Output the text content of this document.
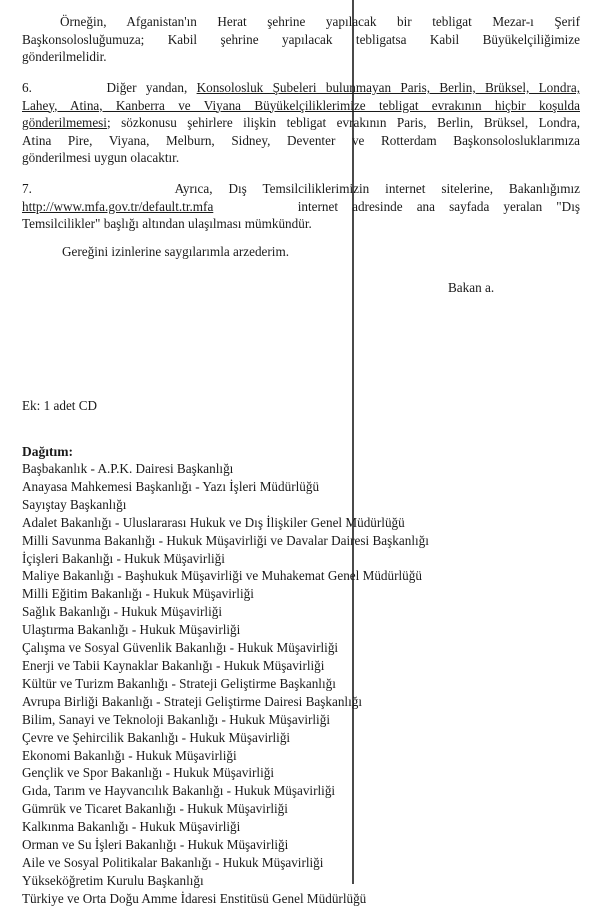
Örneğin, Afganistan'ın Herat şehrine yapılacak bir tebligat Mezar-ı Şerif
Başkonsolosluğumuza; Kabil şehrine yapılacak tebligatsa Kabil Büyükelçiliğimize
gönderilmelidir.
6.	Diğer yandan, Konsolosluk Şubeleri bulunmayan Paris, Berlin, Brüksel, Londra,
Lahey, Atina, Kanberra ve Viyana Büyükelçiliklerimize tebligat evrakının hiçbir koşulda
gönderilmemesi; sözkonusu şehirlere ilişkin tebligat evrakının Paris, Berlin, Brüksel, Londra,
Atina Pire, Viyana, Melburn, Sidney, Deventer ve Rotterdam Başkonsolosluklarımıza
gönderilmesi uygun olacaktır.
7.	Ayrıca, Dış Temsilciliklerimizin internet sitelerine, Bakanlığımız
http://www.mfa.gov.tr/default.tr.mfa	internet adresinde ana sayfada yeralan "Dış
Temsilcilikler" başlığı altından ulaşılması mümkündür.
Gereğini izinlerine saygılarımla arzederim.
Bakan a.
Ek: 1 adet CD
Dağıtım:
Başbakanlık - A.P.K. Dairesi Başkanlığı
Anayasa Mahkemesi Başkanlığı - Yazı İşleri Müdürlüğü
Sayıştay Başkanlığı
Adalet Bakanlığı - Uluslararası Hukuk ve Dış İlişkiler Genel Müdürlüğü
Milli Savunma Bakanlığı - Hukuk Müşavirliği ve Davalar Dairesi Başkanlığı
İçişleri Bakanlığı - Hukuk Müşavirliği
Maliye Bakanlığı - Başhukuk Müşavirliği ve Muhakemat Genel Müdürlüğü
Milli Eğitim Bakanlığı - Hukuk Müşavirliği
Sağlık Bakanlığı - Hukuk Müşavirliği
Ulaştırma Bakanlığı - Hukuk Müşavirliği
Çalışma ve Sosyal Güvenlik Bakanlığı - Hukuk Müşavirliği
Enerji ve Tabii Kaynaklar Bakanlığı - Hukuk Müşavirliği
Kültür ve Turizm Bakanlığı - Strateji Geliştirme Başkanlığı
Avrupa Birliği Bakanlığı - Strateji Geliştirme Dairesi Başkanlığı
Bilim, Sanayi ve Teknoloji Bakanlığı - Hukuk Müşavirliği
Çevre ve Şehircilik Bakanlığı - Hukuk Müşavirliği
Ekonomi Bakanlığı - Hukuk Müşavirliği
Gençlik ve Spor Bakanlığı - Hukuk Müşavirliği
Gıda, Tarım ve Hayvancılık Bakanlığı - Hukuk Müşavirliği
Gümrük ve Ticaret Bakanlığı - Hukuk Müşavirliği
Kalkınma Bakanlığı - Hukuk Müşavirliği
Orman ve Su İşleri Bakanlığı - Hukuk Müşavirliği
Aile ve Sosyal Politikalar Bakanlığı - Hukuk Müşavirliği
Yükseköğretim Kurulu Başkanlığı
Türkiye ve Orta Doğu Amme İdaresi Enstitüsü Genel Müdürlüğü
